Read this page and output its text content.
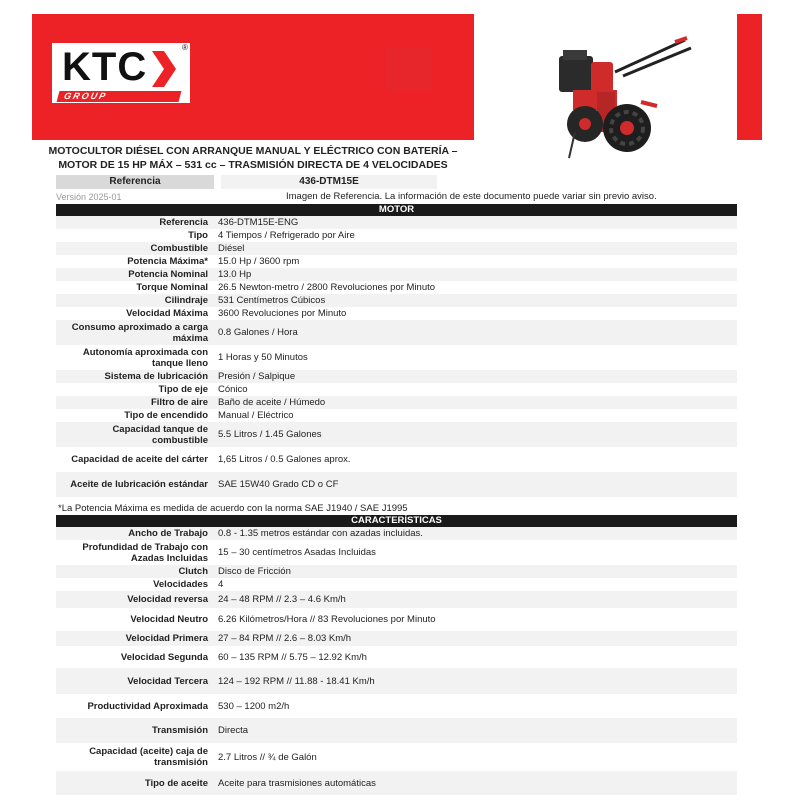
KTC	®
GROUP
MOTOCULTOR DIÉSEL CON ARRANQUE MANUAL Y ELÉCTRICO CON BATERÍA –
MOTOR DE 15 HP MÁX – 531 cc – TRASMISIÓN DIRECTA DE 4 VELOCIDADES
Referencia	436-DTM15E
Versión 2025-01	Imagen de Referencia. La información de este documento puede variar sin previo aviso.
MOTOR
Referencia	436-DTM15E-ENG
Tipo	4 Tiempos / Refrigerado por Aire
Combustible	Diésel
Potencia Máxima*	15.0 Hp / 3600 rpm
Potencia Nominal	13.0 Hp
Torque Nominal	26.5 Newton-metro / 2800 Revoluciones por Minuto
Cilindraje	531 Centímetros Cúbicos
Velocidad Máxima	3600 Revoluciones por Minuto
Consumo aproximado a carga máxima	0.8 Galones / Hora
Autonomía aproximada con tanque lleno	1 Horas y 50 Minutos
Sistema de lubricación	Presión / Salpique
Tipo de eje	Cónico
Filtro de aire	Baño de aceite / Húmedo
Tipo de encendido	Manual / Eléctrico
Capacidad tanque de combustible	5.5 Litros / 1.45 Galones
Capacidad de aceite del cárter	1,65 Litros / 0.5 Galones aprox.
Aceite de lubricación estándar	SAE 15W40 Grado CD o CF
*La Potencia Máxima es medida de acuerdo con la norma SAE J1940 / SAE J1995
CARACTERÍSTICAS
Ancho de Trabajo	0.8 - 1.35 metros estándar con azadas incluidas.
Profundidad de Trabajo con Azadas Incluidas	15 – 30 centímetros Asadas Incluidas
Clutch	Disco de Fricción
Velocidades	4
Velocidad reversa	24 – 48 RPM // 2.3 – 4.6 Km/h
Velocidad Neutro	6.26 Kilómetros/Hora // 83 Revoluciones por Minuto
Velocidad Primera	27 – 84 RPM // 2.6 – 8.03 Km/h
Velocidad Segunda	60 – 135 RPM // 5.75 – 12.92 Km/h
Velocidad Tercera	124 – 192 RPM // 11.88 - 18.41 Km/h
Productividad Aproximada	530 – 1200 m2/h
Transmisión	Directa
Capacidad (aceite) caja de transmisión	2.7 Litros // ¾ de Galón
Tipo de aceite	Aceite para trasmisiones automáticas
